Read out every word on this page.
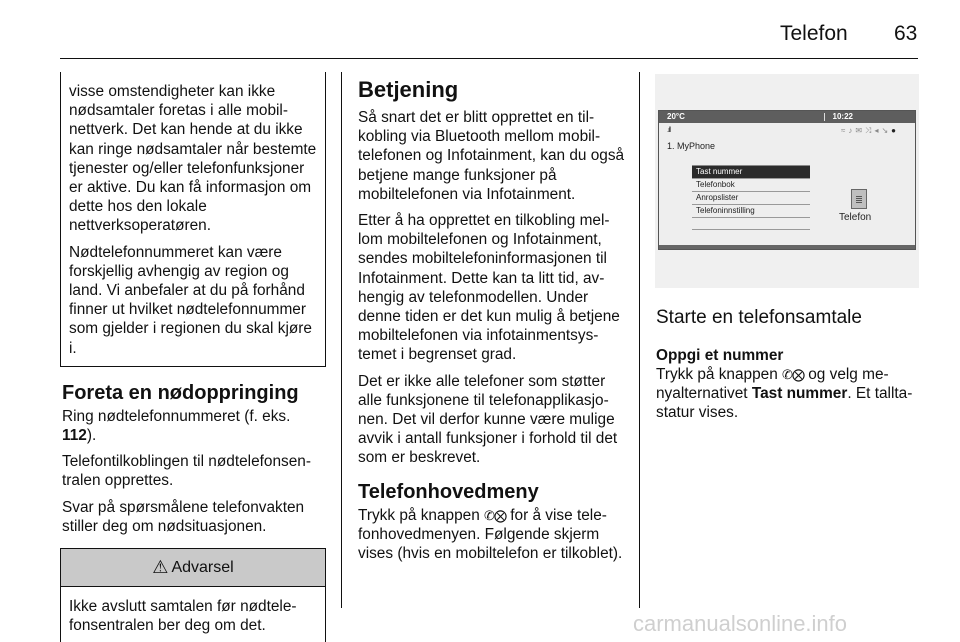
Telefon 63

visse omstendigheter kan ikke nødsamtaler foretas i alle mobilnettverk. Det kan hende at du ikke kan ringe nødsamtaler når bestemte tjenester og/eller telefonfunksjoner er aktive. Du kan få informasjon om dette hos den lokale nettverksoperatøren.

Nødtelefonnummeret kan være forskjellig avhengig av region og land. Vi anbefaler at du på forhånd finner ut hvilket nødtelefonnummer som gjelder i regionen du skal kjøre i.

Foreta en nødoppringing

Ring nødtelefonnummeret (f. eks. 112).

Telefontilkoblingen til nødtelefonsentralen opprettes.

Svar på spørsmålene telefonvakten stiller deg om nødsituasjonen.

⚠ Advarsel
Ikke avslutt samtalen før nødtelefonsentralen ber deg om det.
Betjening

Så snart det er blitt opprettet en tilkobling via Bluetooth mellom mobiltelefonen og Infotainment, kan du også betjene mange funksjoner på mobiltelefonen via Infotainment.

Etter å ha opprettet en tilkobling mellom mobiltelefonen og Infotainment, sendes mobiltelefoninformasjonen til Infotainment. Dette kan ta litt tid, avhengig av telefonmodellen. Under denne tiden er det kun mulig å betjene mobiltelefonen via infotainmentsystemet i begrenset grad.

Det er ikke alle telefoner som støtter alle funksjonene til telefonapplikasjonen. Det vil derfor kunne være mulige avvik i antall funksjoner i forhold til det som er beskrevet.

Telefonhovedmeny

Trykk på knappen ✆⨂ for å vise telefonhovedmenyen. Følgende skjerm vises (hvis en mobiltelefon er tilkoblet).

20°C	10:22
.ıll	≈♪✉⤨◂↘●
1. MyPhone
Tast nummer
Telefonbok
Anropslister
Telefoninnstilling
Telefon
Starte en telefonsamtale
Oppgi et nummer

Trykk på knappen ✆⨂ og velg menyalternativet Tast nummer. Et talltastatur vises.

carmanualsonline.info
